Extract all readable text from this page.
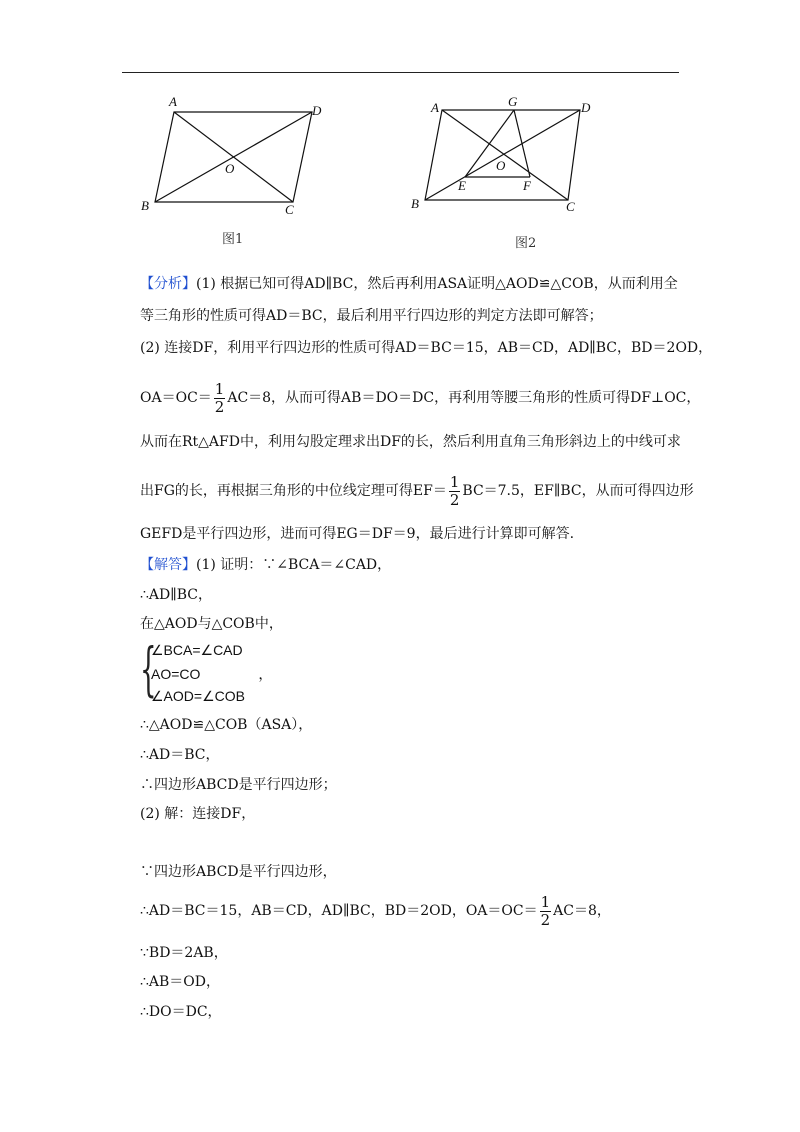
A
D
O
B	C
图1
A	G	D
O
E	F
B	C
图2
【分析】(1) 根据已知可得AD∥BC，然后再利用ASA证明△AOD≌△COB，从而利用全
等三角形的性质可得AD＝BC，最后利用平行四边形的判定方法即可解答；
(2) 连接DF，利用平行四边形的性质可得AD＝BC＝15，AB＝CD，AD∥BC，BD＝2OD，
$OA=OC= \frac{1}{2} AC=8$，从而可得AB＝DO＝DC，再利用等腰三角形的性质可得DF⊥OC，
从而在Rt△AFD中，利用勾股定理求出DF的长，然后利用直角三角形斜边上的中线可求
出FG的长，再根据三角形的中位线定理可得$EF= \frac{1}{2} BC=7.5$，EF∥BC，从而可得四边形
GEFD是平行四边形，进而可得EG＝DF＝9，最后进行计算即可解答.
【解答】(1) 证明：∵∠BCA＝∠CAD，
∴AD∥BC，
在△AOD与△COB中，
{
∠BCA=∠CAD
AO=CO	，
∠AOD=∠COB
∴△AOD≌△COB（ASA），
∴AD＝BC，
∴四边形ABCD是平行四边形；
(2) 解：连接DF，
∵四边形ABCD是平行四边形，
∴AD＝BC＝15，AB＝CD，AD∥BC，BD＝2OD，$OA=OC= \frac{1}{2} AC=8$，
∵BD＝2AB，
∴AB＝OD，
∴DO＝DC，
